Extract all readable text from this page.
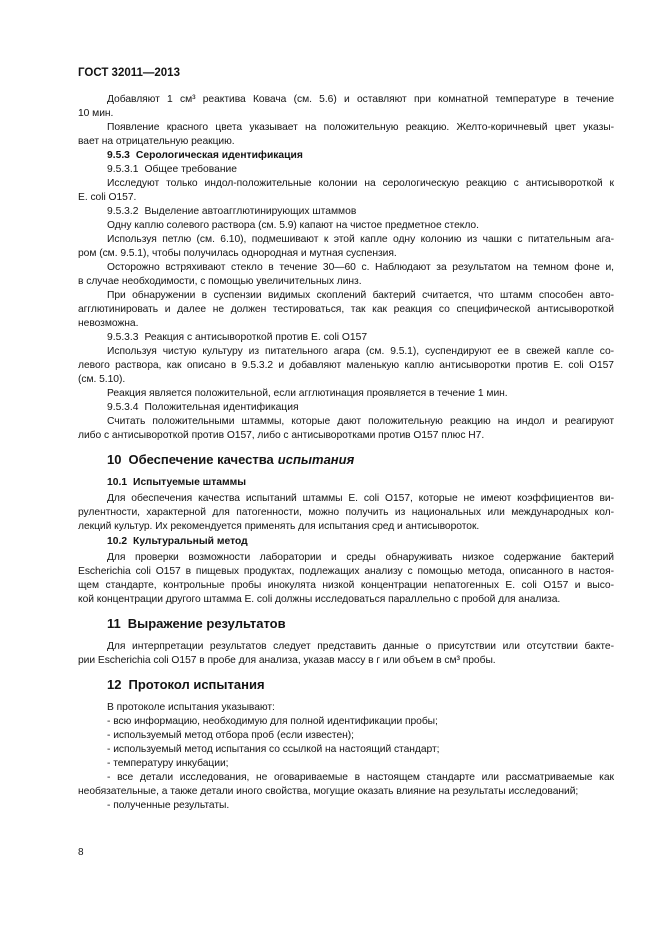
ГОСТ 32011—2013
Добавляют 1 см³ реактива Ковача (см. 5.6) и оставляют при комнатной температуре в течение
10 мин.
Появление красного цвета указывает на положительную реакцию. Желто-коричневый цвет указы-
вает на отрицательную реакцию.
9.5.3 Серологическая идентификация
9.5.3.1 Общее требование
Исследуют только индол-положительные колонии на серологическую реакцию с антисывороткой к
E. coli O157.
9.5.3.2 Выделение автоагглютинирующих штаммов
Одну каплю солевого раствора (см. 5.9) капают на чистое предметное стекло.
Используя петлю (см. 6.10), подмешивают к этой капле одну колонию из чашки с питательным ага-
ром (см. 9.5.1), чтобы получилась однородная и мутная суспензия.
Осторожно встряхивают стекло в течение 30—60 с. Наблюдают за результатом на темном фоне и,
в случае необходимости, с помощью увеличительных линз.
При обнаружении в суспензии видимых скоплений бактерий считается, что штамм способен авто-
агглютинировать и далее не должен тестироваться, так как реакция со специфической антисывороткой
невозможна.
9.5.3.3 Реакция с антисывороткой против E. coli O157
Используя чистую культуру из питательного агара (см. 9.5.1), суспендируют ее в свежей капле со-
левого раствора, как описано в 9.5.3.2 и добавляют маленькую каплю антисыворотки против E. coli O157
(см. 5.10).
Реакция является положительной, если агглютинация проявляется в течение 1 мин.
9.5.3.4 Положительная идентификация
Считать положительными штаммы, которые дают положительную реакцию на индол и реагируют
либо с антисывороткой против O157, либо с антисыворотками против O157 плюс H7.
10 Обеспечение качества испытания
10.1 Испытуемые штаммы
Для обеспечения качества испытаний штаммы E. coli O157, которые не имеют коэффициентов ви-
рулентности, характерной для патогенности, можно получить из национальных или международных кол-
лекций культур. Их рекомендуется применять для испытания сред и антисывороток.
10.2 Культуральный метод
Для проверки возможности лаборатории и среды обнаруживать низкое содержание бактерий
Escherichia coli O157 в пищевых продуктах, подлежащих анализу с помощью метода, описанного в настоя-
щем стандарте, контрольные пробы инокулята низкой концентрации непатогенных E. coli O157 и высо-
кой концентрации другого штамма E. coli должны исследоваться параллельно с пробой для анализа.
11 Выражение результатов
Для интерпретации результатов следует представить данные о присутствии или отсутствии бакте-
рии Escherichia coli O157 в пробе для анализа, указав массу в г или объем в см³ пробы.
12 Протокол испытания
В протоколе испытания указывают:
- всю информацию, необходимую для полной идентификации пробы;
- используемый метод отбора проб (если известен);
- используемый метод испытания со ссылкой на настоящий стандарт;
- температуру инкубации;
- все детали исследования, не оговариваемые в настоящем стандарте или рассматриваемые как
необязательные, а также детали иного свойства, могущие оказать влияние на результаты исследований;
- полученные результаты.
8
